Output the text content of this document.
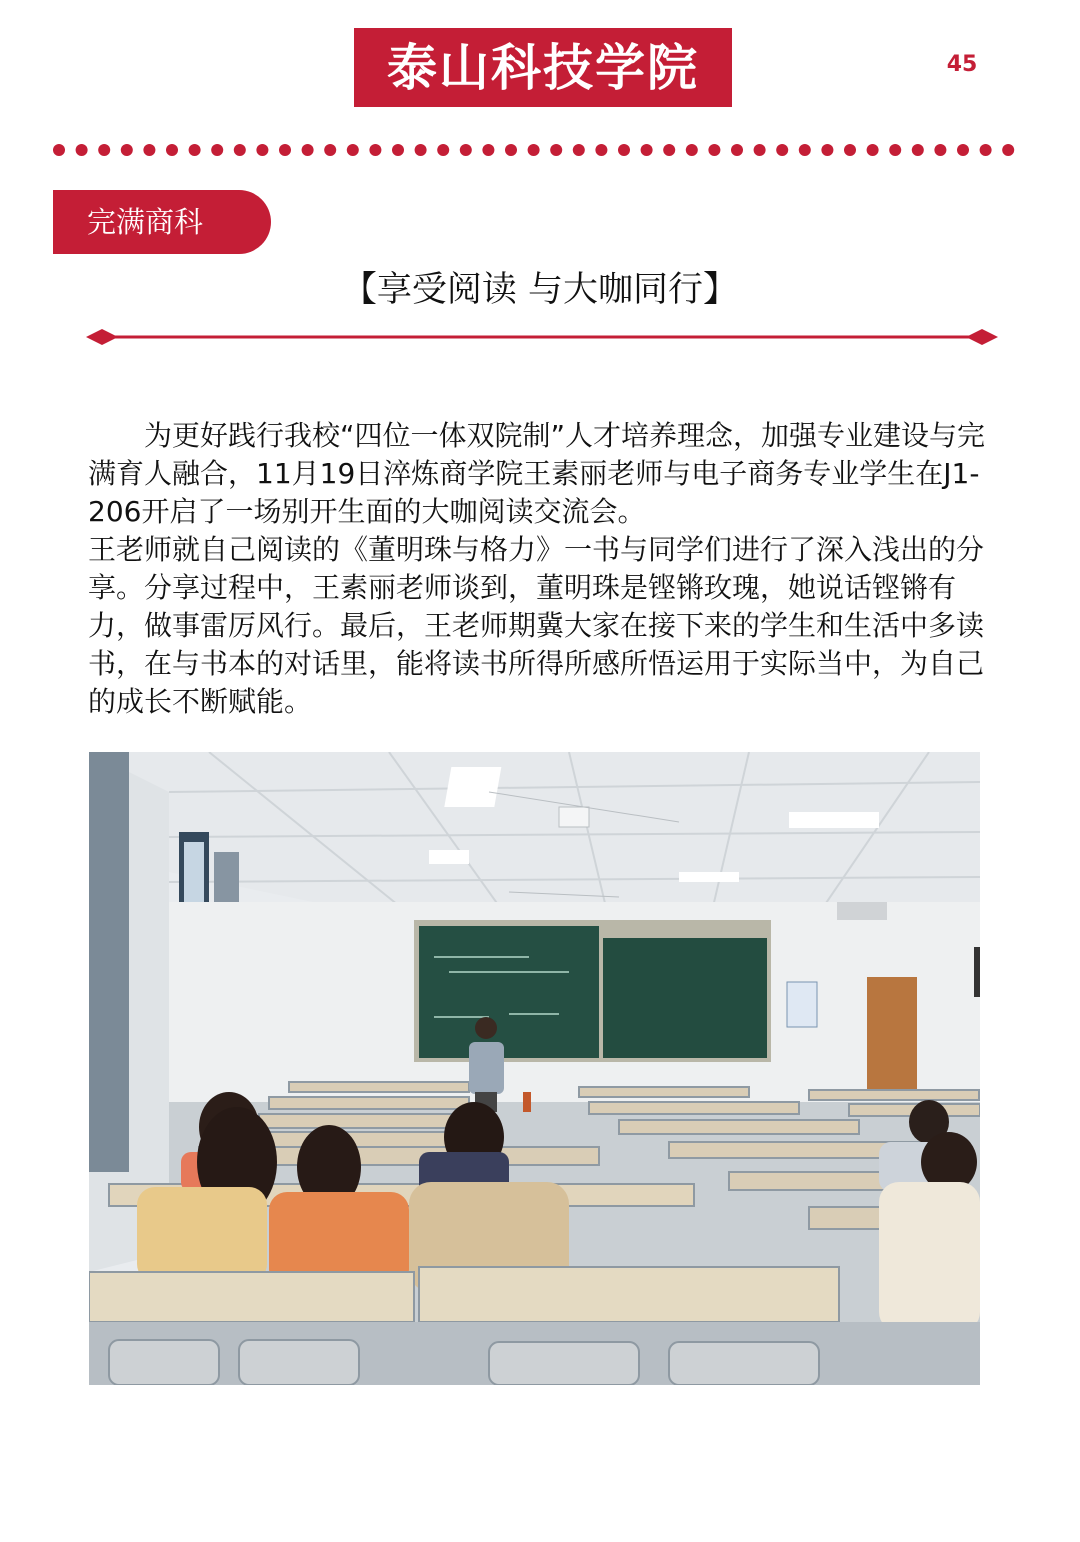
泰山科技学院	45
完满商科
【享受阅读 与大咖同行】

为更好践行我校“四位一体双院制”人才培养理念，加强专业建设与完满育人融合，11月19日淬炼商学院王素丽老师与电子商务专业学生在J1-206开启了一场别开生面的大咖阅读交流会。

王老师就自己阅读的《董明珠与格力》一书与同学们进行了深入浅出的分享。分享过程中，王素丽老师谈到，董明珠是铿锵玫瑰，她说话铿锵有力，做事雷厉风行。最后，王老师期冀大家在接下来的学生和生活中多读书，在与书本的对话里，能将读书所得所感所悟运用于实际当中，为自己的成长不断赋能。
